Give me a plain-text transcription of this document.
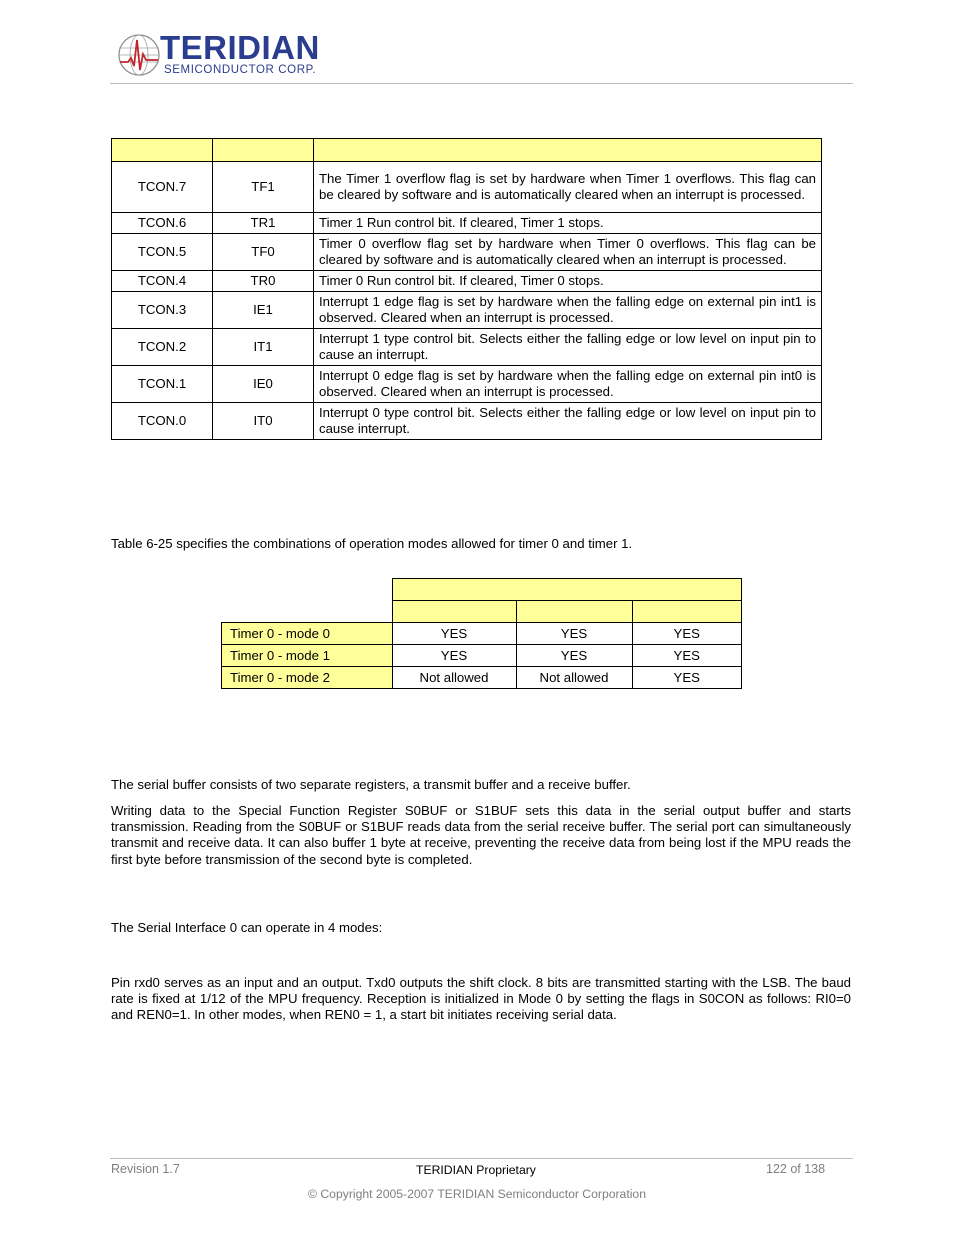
TERIDIAN
SEMICONDUCTOR CORP.

TCON.7	TF1	The Timer 1 overflow flag is set by hardware when Timer 1 overflows. This flag can be cleared by software and is automatically cleared when an interrupt is processed.
TCON.6	TR1	Timer 1 Run control bit. If cleared, Timer 1 stops.
TCON.5	TF0	Timer 0 overflow flag set by hardware when Timer 0 overflows. This flag can be cleared by software and is automatically cleared when an interrupt is processed.
TCON.4	TR0	Timer 0 Run control bit. If cleared, Timer 0 stops.
TCON.3	IE1	Interrupt 1 edge flag is set by hardware when the falling edge on external pin int1 is observed. Cleared when an interrupt is processed.
TCON.2	IT1	Interrupt 1 type control bit. Selects either the falling edge or low level on input pin to cause an interrupt.
TCON.1	IE0	Interrupt 0 edge flag is set by hardware when the falling edge on external pin int0 is observed. Cleared when an interrupt is processed.
TCON.0	IT0	Interrupt 0 type control bit. Selects either the falling edge or low level on input pin to cause interrupt.

Table 6-25 specifies the combinations of operation modes allowed for timer 0 and timer 1.

Timer 0 - mode 0	YES	YES	YES
Timer 0 - mode 1	YES	YES	YES
Timer 0 - mode 2	Not allowed	Not allowed	YES

The serial buffer consists of two separate registers, a transmit buffer and a receive buffer.

Writing data to the Special Function Register S0BUF or S1BUF sets this data in the serial output buffer and starts transmission. Reading from the S0BUF or S1BUF reads data from the serial receive buffer. The serial port can simultaneously transmit and receive data. It can also buffer 1 byte at receive, preventing the receive data from being lost if the MPU reads the first byte before transmission of the second byte is completed.

The Serial Interface 0 can operate in 4 modes:

Pin rxd0 serves as an input and an output. Txd0 outputs the shift clock. 8 bits are transmitted starting with the LSB. The baud rate is fixed at 1/12 of the MPU frequency. Reception is initialized in Mode 0 by setting the flags in S0CON as follows: RI0=0 and REN0=1. In other modes, when REN0 = 1, a start bit initiates receiving serial data.

Revision 1.7	TERIDIAN Proprietary	122 of 138
© Copyright 2005-2007 TERIDIAN Semiconductor Corporation
